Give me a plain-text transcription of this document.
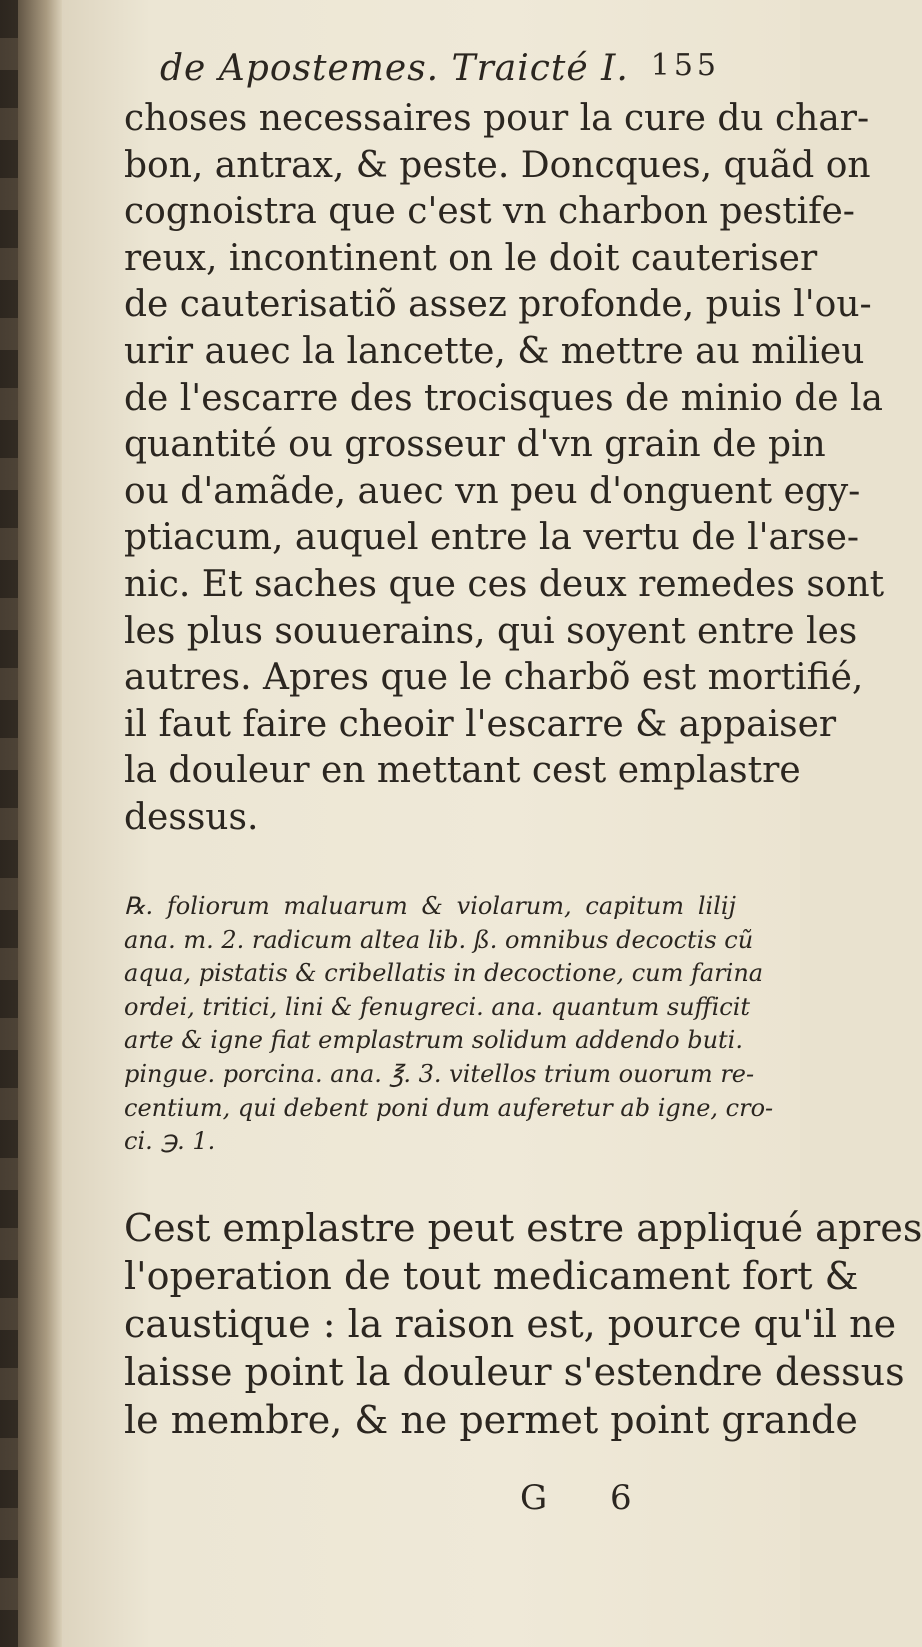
de Apostemes. Traicté I. 155
choses necessaires pour la cure du char-
bon, antrax, & peste. Doncques, quãd on
cognoistra que c'est vn charbon pestife-
reux, incontinent on le doit cauteriser
de cauterisatiõ assez profonde, puis l'ou-
urir auec la lancette, & mettre au milieu
de l'escarre des trocisques de minio de la
quantité ou grosseur d'vn grain de pin
ou d'amãde, auec vn peu d'onguent egy-
ptiacum, auquel entre la vertu de l'arse-
nic. Et saches que ces deux remedes sont
les plus souuerains, qui soyent entre les
autres. Apres que le charbõ est mortifié,
il faut faire cheoir l'escarre & appaiser
la douleur en mettant cest emplastre
dessus.
℞. foliorum maluarum & violarum, capitum lilij
ana. m. 2. radicum altea lib. ß. omnibus decoctis cũ
aqua, pistatis & cribellatis in decoctione, cum farina
ordei, tritici, lini & fenugreci. ana. quantum sufficit
arte & igne fiat emplastrum solidum addendo buti.
pingue. porcina. ana. ℥. 3. vitellos trium ouorum re-
centium, qui debent poni dum auferetur ab igne, cro-
ci. ℈. 1.
Cest emplastre peut estre appliqué apres
l'operation de tout medicament fort &
caustique : la raison est, pource qu'il ne
laisse point la douleur s'estendre dessus
le membre, & ne permet point grande
G 6
